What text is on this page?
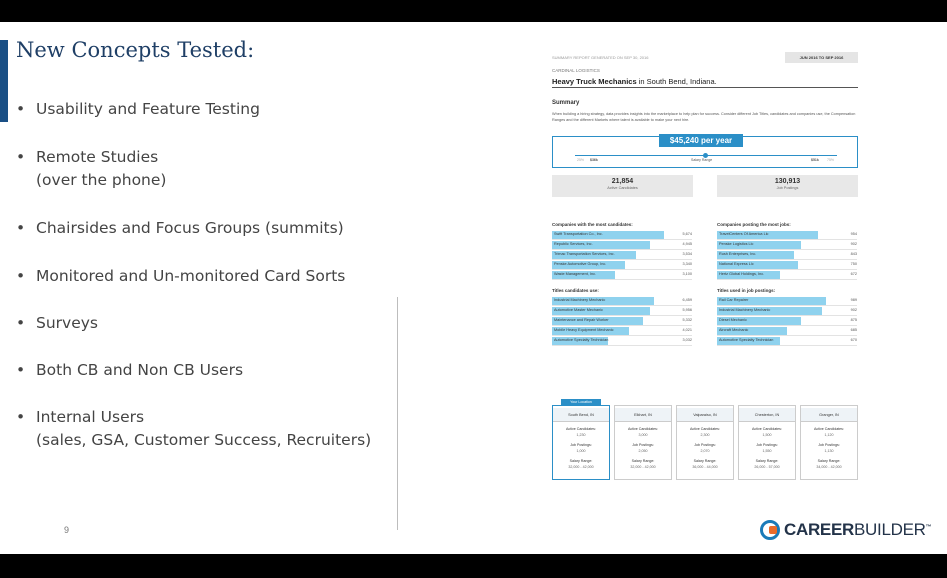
New Concepts Tested:
• Usability and Feature Testing
• Remote Studies
(over the phone)
• Chairsides and Focus Groups (summits)
• Monitored and Un-monitored Card Sorts
• Surveys
• Both CB and Non CB Users
• Internal Users
(sales, GSA, Customer Success, Recruiters)
9	CAREERBUILDER™
SUMMARY REPORT GENERATED ON SEP 30, 2016	JUN 2016 TO SEP 2016
CARDINAL LOGISTICS
Heavy Truck Mechanics in South Bend, Indiana.
Summary
When building a hiring strategy, data provides insights into the marketplace to help plan for success. Consider different Job Titles, candidates and companies use, the Compensation Ranges and the different Markets where talent is available to make your next hire.
$45,240 per year
25% $36k	Salary Range	$51k 75%
21,854
Active Candidates
130,913
Job Postings
Companies with the most candidates:
Swift Transportation Co., Inc.	5,674
Republic Services, Inc.	4,945
Trimac Transportation Services, Inc.	3,534
Penske Automotive Group, Inc.	3,340
Waste Management, Inc.	3,100
Companies posting the most jobs:
TravelCenters Of America Llc	954
Penske Logistics Llc	902
Rush Enterprises, Inc.	843
National Express Llc	750
Hertz Global Holdings, Inc.	672
Titles candidates use:
Industrial Machinery Mechanic	6,459
Automotive Master Mechanic	5,956
Maintenance and Repair Worker	5,332
Mobile Heavy Equipment Mechanic	4,021
Automotive Specialty Technician	3,032
Titles used in job postings:
Rail Car Repairer	989
Industrial Machinery Mechanic	902
Diesel Mechanic	875
Aircraft Mechanic	685
Automotive Specialty Technician	670
Your Location
South Bend, IN
Active Candidates:
1,230
Job Postings:
1,000
Salary Range:
32,000 - 42,000
Elkhart, IN
Active Candidates:
3,000
Job Postings:
2,050
Salary Range:
32,000 - 42,000
Valparaiso, IN
Active Candidates:
2,300
Job Postings:
2,070
Salary Range:
36,000 - 44,000
Chesterton, IN
Active Candidates:
1,500
Job Postings:
1,550
Salary Range:
26,000 - 57,000
Granger, IN
Active Candidates:
1,120
Job Postings:
1,130
Salary Range:
34,000 - 42,000
